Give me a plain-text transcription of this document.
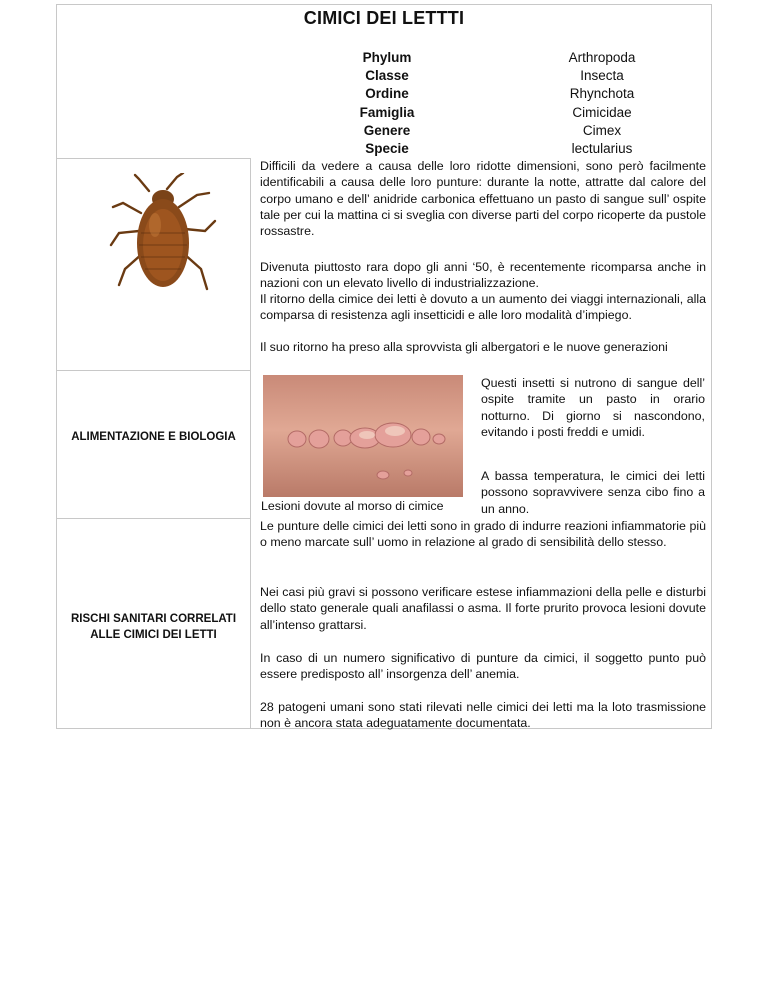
CIMICI DEI LETTTI
Phylum
Classe
Ordine
Famiglia
Genere
Specie
Arthropoda
Insecta
Rhynchota
Cimicidae
Cimex
lectularius

Difficili da vedere a causa delle loro ridotte dimensioni, sono però facilmente identificabili a causa delle loro punture: durante la notte, attratte dal calore del corpo umano e dell’ anidride carbonica effettuano un pasto di sangue sull’ ospite tale per cui la mattina ci si sveglia con diverse parti del corpo ricoperte da pustole rossastre.

Divenuta piuttosto rara dopo gli anni ‘50, è recentemente ricomparsa anche in nazioni con un elevato livello di industrializzazione.

Il ritorno della cimice dei letti è dovuto a un aumento dei viaggi internazionali, alla comparsa di resistenza agli insetticidi e alle loro modalità d’impiego.

Il suo ritorno ha preso alla sprovvista gli albergatori e le nuove generazioni

ALIMENTAZIONE E BIOLOGIA
Lesioni dovute al morso di cimice

Questi insetti si nutrono di sangue dell’ ospite tramite un pasto in orario notturno. Di giorno si nascondono, evitando i posti freddi e umidi.

A bassa temperatura, le cimici dei letti possono sopravvivere senza cibo fino a un anno.

RISCHI SANITARI CORRELATI ALLE CIMICI DEI LETTI

Le punture delle cimici dei letti sono in grado di indurre reazioni infiammatorie più o meno marcate sull’ uomo in relazione al grado di sensibilità dello stesso.

Nei casi più gravi si possono verificare estese infiammazioni della pelle e disturbi dello stato generale quali anafilassi o asma. Il forte prurito provoca lesioni dovute all’intenso grattarsi.

In caso di un numero significativo di punture da cimici, il soggetto punto può essere predisposto all’ insorgenza dell’ anemia.

28 patogeni umani sono stati rilevati nelle cimici dei letti ma la loto trasmissione non è ancora stata adeguatamente documentata.
